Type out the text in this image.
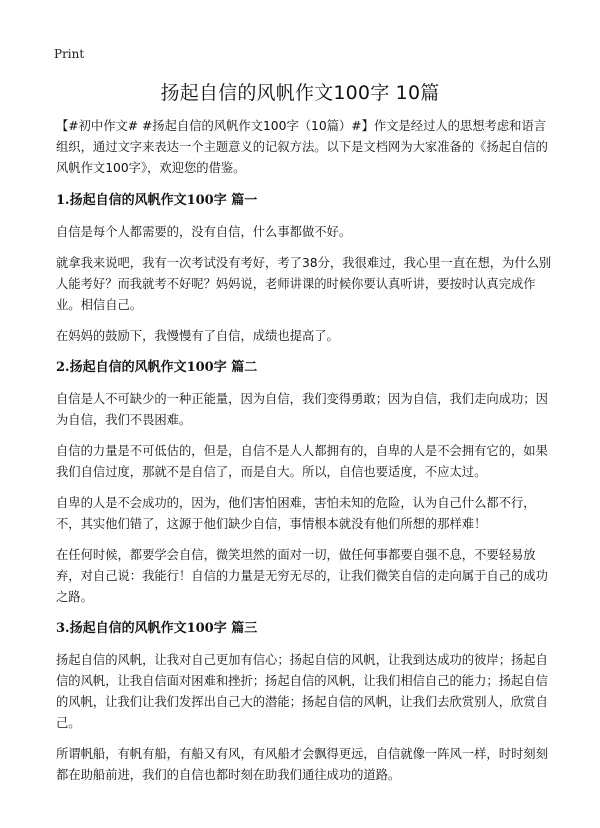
Print
扬起自信的风帆作文100字 10篇

【#初中作文# #扬起自信的风帆作文100字（10篇）#】作文是经过人的思想考虑和语言组织，通过文字来表达一个主题意义的记叙方法。以下是文档网为大家准备的《扬起自信的风帆作文100字》，欢迎您的借鉴。

1.扬起自信的风帆作文100字 篇一

自信是每个人都需要的，没有自信，什么事都做不好。

就拿我来说吧，我有一次考试没有考好，考了38分，我很难过，我心里一直在想，为什么别人能考好？而我就考不好呢？妈妈说，老师讲课的时候你要认真听讲，要按时认真完成作业。相信自己。

在妈妈的鼓励下，我慢慢有了自信，成绩也提高了。

2.扬起自信的风帆作文100字 篇二

自信是人不可缺少的一种正能量，因为自信，我们变得勇敢；因为自信，我们走向成功；因为自信，我们不畏困难。

自信的力量是不可低估的，但是，自信不是人人都拥有的，自卑的人是不会拥有它的，如果我们自信过度，那就不是自信了，而是自大。所以，自信也要适度，不应太过。

自卑的人是不会成功的，因为，他们害怕困难，害怕未知的危险，认为自己什么都不行，不，其实他们错了，这源于他们缺少自信，事情根本就没有他们所想的那样难！

在任何时候，都要学会自信，微笑坦然的面对一切，做任何事都要自强不息，不要轻易放弃，对自己说：我能行！自信的力量是无穷无尽的，让我们微笑自信的走向属于自己的成功之路。

3.扬起自信的风帆作文100字 篇三

扬起自信的风帆，让我对自己更加有信心；扬起自信的风帆，让我到达成功的彼岸；扬起自信的风帆，让我自信面对困难和挫折；扬起自信的风帆，让我们相信自己的能力；扬起自信的风帆，让我们让我们发挥出自己大的潜能；扬起自信的风帆，让我们去欣赏别人，欣赏自己。

所谓帆船，有帆有船，有船又有风，有风船才会飘得更远，自信就像一阵风一样，时时刻刻都在助船前进，我们的自信也都时刻在助我们通往成功的道路。
